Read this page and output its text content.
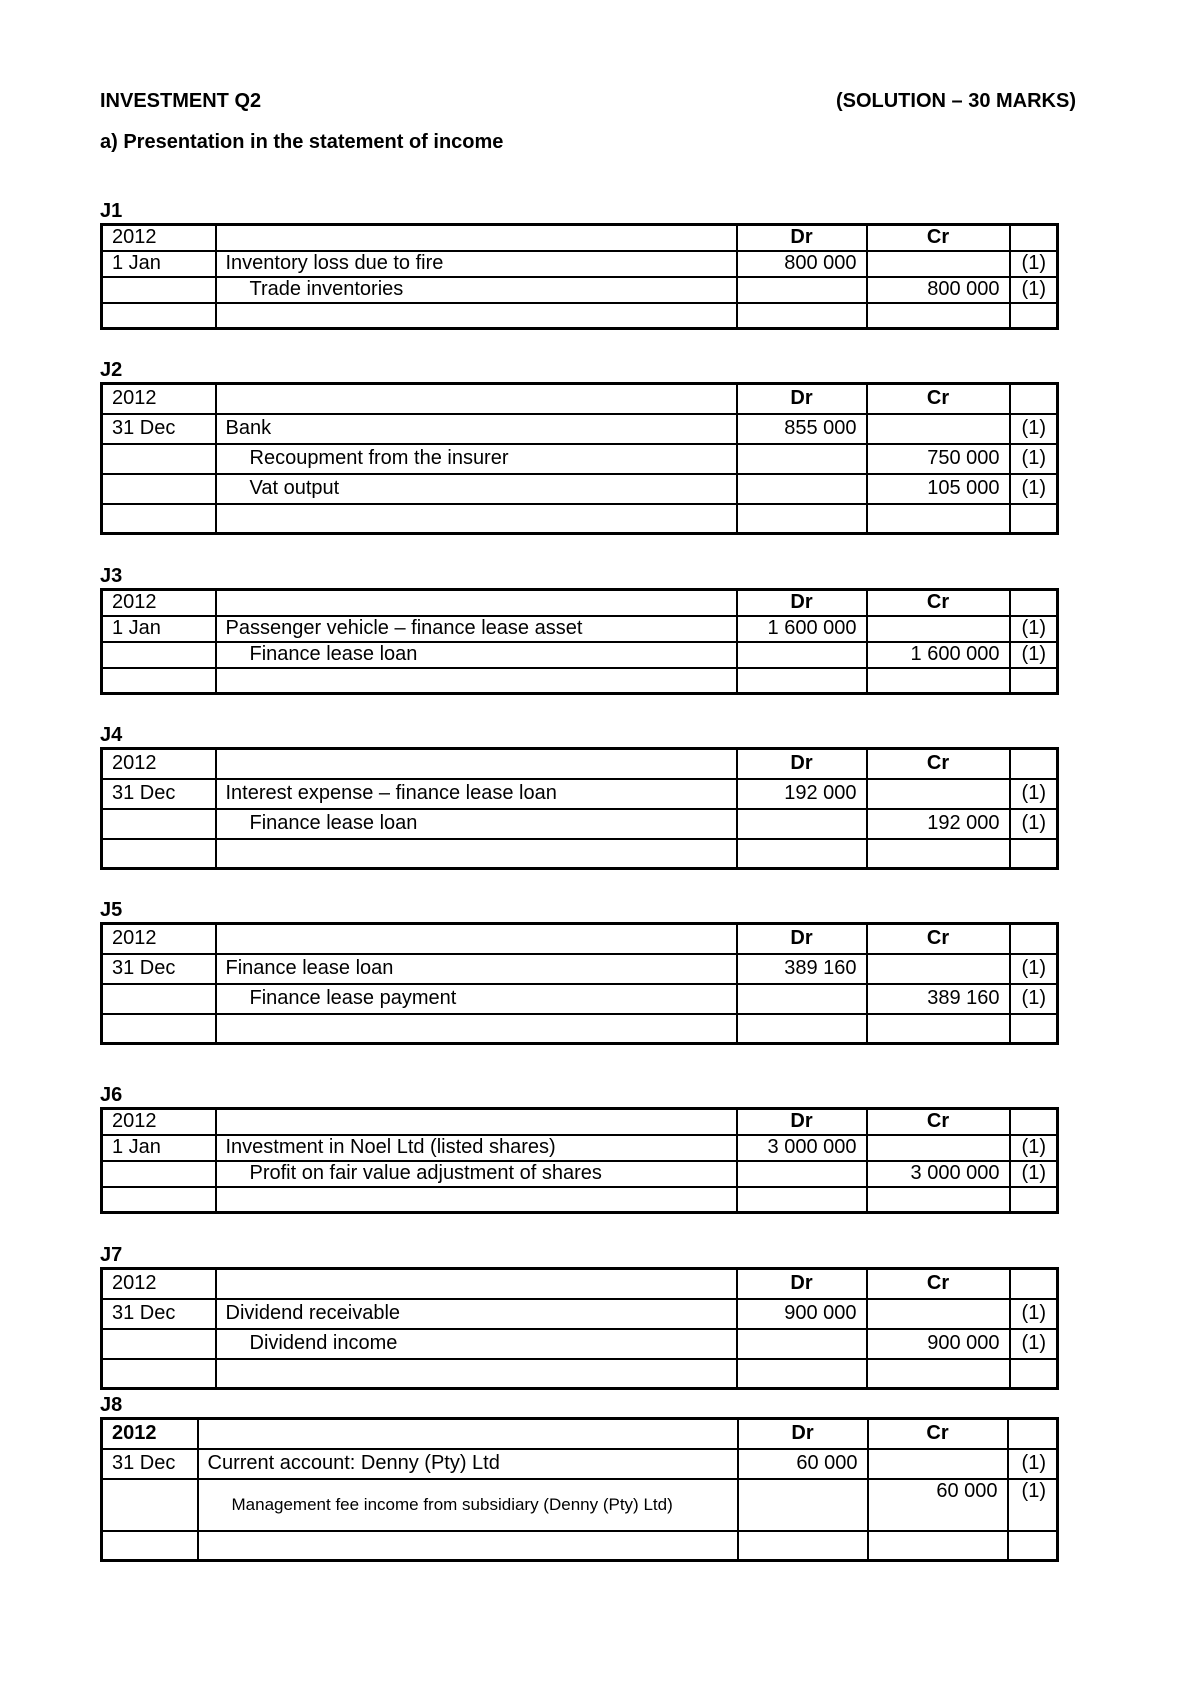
INVESTMENT Q2	(SOLUTION – 30 MARKS)
a) Presentation in the statement of income
J1
2012		Dr	Cr	
1 Jan	Inventory loss due to fire	800 000		(1)
	Trade inventories		800 000	(1)

J2
2012		Dr	Cr	
31 Dec	Bank	855 000		(1)
	Recoupment from the insurer		750 000	(1)
	Vat output		105 000	(1)

J3
2012		Dr	Cr	
1 Jan	Passenger vehicle – finance lease asset	1 600 000		(1)
	Finance lease loan		1 600 000	(1)

J4
2012		Dr	Cr	
31 Dec	Interest expense – finance lease loan	192 000		(1)
	Finance lease loan		192 000	(1)

J5
2012		Dr	Cr	
31 Dec	Finance lease loan	389 160		(1)
	Finance lease payment		389 160	(1)

J6
2012		Dr	Cr	
1 Jan	Investment in Noel Ltd (listed shares)	3 000 000		(1)
	Profit on fair value adjustment of shares		3 000 000	(1)

J7
2012		Dr	Cr	
31 Dec	Dividend receivable	900 000		(1)
	Dividend income		900 000	(1)

J8
2012		Dr	Cr	
31 Dec	Current account: Denny (Pty) Ltd	60 000		(1)
	Management fee income from subsidiary (Denny (Pty) Ltd)		60 000	(1)
